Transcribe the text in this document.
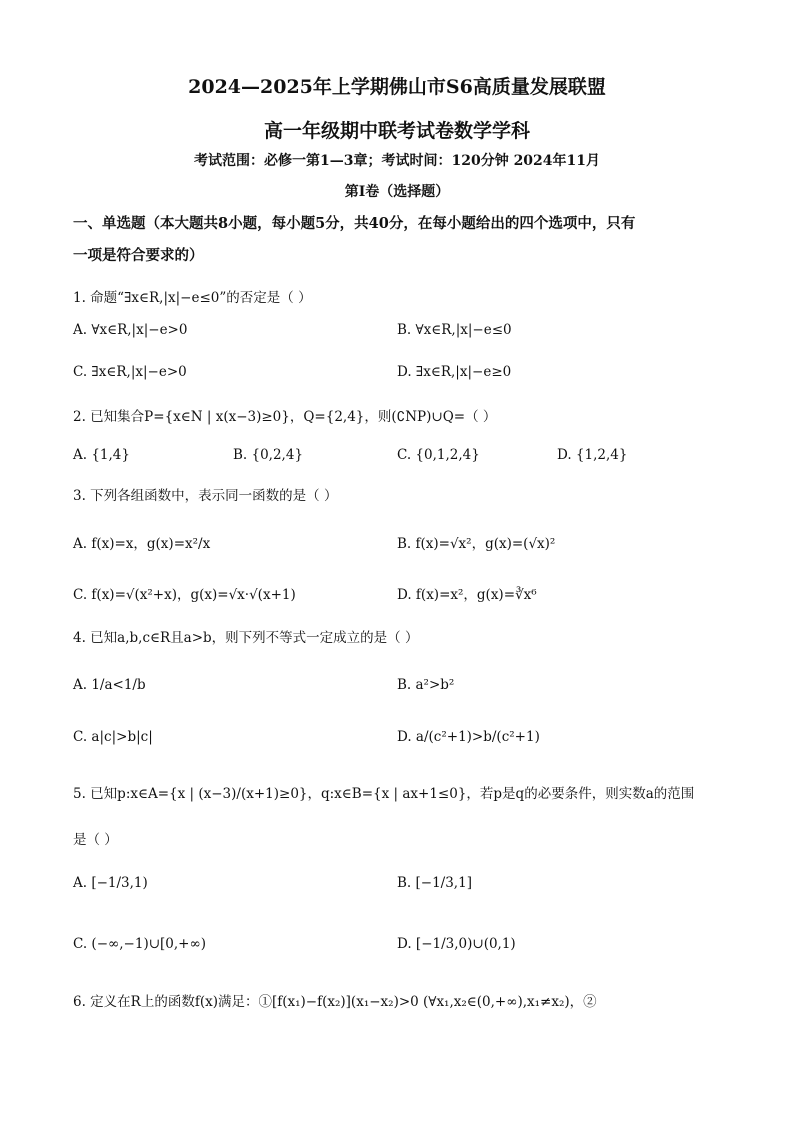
2024—2025年上学期佛山市S6高质量发展联盟
高一年级期中联考试卷数学学科
考试范围：必修一第1—3章；考试时间：120分钟 2024年11月
第I卷（选择题）
一、单选题（本大题共8小题，每小题5分，共40分，在每小题给出的四个选项中，只有
一项是符合要求的）
1. 命题“∃x∈R,|x|−e≤0”的否定是（ ）
A. ∀x∈R,|x|−e>0	B. ∀x∈R,|x|−e≤0
C. ∃x∈R,|x|−e>0	D. ∃x∈R,|x|−e≥0
2. 已知集合P={x∈N | x(x−3)≥0}，Q={2,4}，则(∁NP)∪Q=（ ）
A. {1,4}	B. {0,2,4}	C. {0,1,2,4}	D. {1,2,4}
3. 下列各组函数中，表示同一函数的是（ ）
A. f(x)=x，g(x)=x²/x	B. f(x)=√x²，g(x)=(√x)²
C. f(x)=√(x²+x)，g(x)=√x·√(x+1)	D. f(x)=x²，g(x)=∛x⁶
4. 已知a,b,c∈R且a>b，则下列不等式一定成立的是（ ）
A. 1/a<1/b	B. a²>b²
C. a|c|>b|c|	D. a/(c²+1)>b/(c²+1)
5. 已知p:x∈A={x | (x−3)/(x+1)≥0}，q:x∈B={x | ax+1≤0}，若p是q的必要条件，则实数a的范围
是（ ）
A. [−1/3,1)	B. [−1/3,1]
C. (−∞,−1)∪[0,+∞)	D. [−1/3,0)∪(0,1)
6. 定义在R上的函数f(x)满足：①[f(x₁)−f(x₂)](x₁−x₂)>0 (∀x₁,x₂∈(0,+∞),x₁≠x₂)，②
